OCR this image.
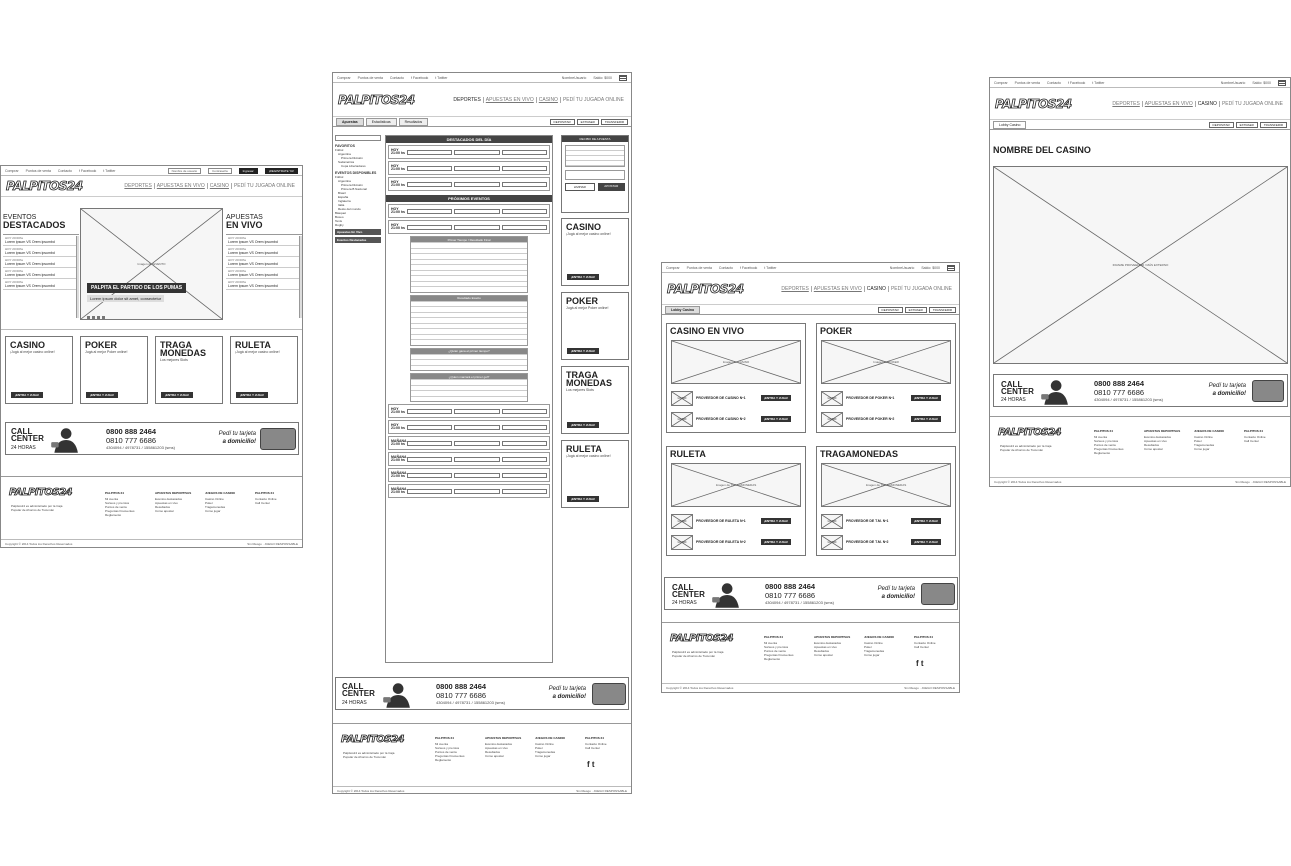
Comprar Puntos de venta Contacto f Facebook t Twitter	Nombre de usuario	Contraseña	Ingresar	¡REGISTRATE YA!
PALPITOS24	DEPORTES	APUESTAS EN VIVO	CASINO	PEDÍ TU JUGADA ONLINE
EVENTOS
DESTACADOS
HOY 20:00hs
Lorem ipsum VS Orem ipsumbd
HOY 20:00hs
Lorem ipsum VS Orem ipsumbd
HOY 20:00hs
Lorem ipsum VS Orem ipsumbd
HOY 20:00hs
Lorem ipsum VS Orem ipsumbd
HOY 20:00hs
Lorem ipsum VS Orem ipsumbd
Imagen del EVENTO
PALPITA EL PARTIDO DE LOS PUMAS
Lorem ipsum dolor sit amet, consectetur
APUESTAS
EN VIVO
HOY 20:00hs
Lorem ipsum VS Orem ipsumbd
HOY 20:00hs
Lorem ipsum VS Orem ipsumbd
HOY 20:00hs
Lorem ipsum VS Orem ipsumbd
HOY 20:00hs
Lorem ipsum VS Orem ipsumbd
HOY 20:00hs
Lorem ipsum VS Orem ipsumbd
CASINO
¡Jugá al mejor casino online!
¡ENTRA Y JUGA!
POKER
Jugá al mejor Poker online!
¡ENTRA Y JUGA!
TRAGA MONEDAS
Los mejores Slots
¡ENTRA Y JUGA!
RULETA
¡Jugá al mejor casino online!
¡ENTRA Y JUGA!
CALL
CENTER
24 HORAS
0800 888 2464
0810 777 6686
4304094 / 4978731 / 155861203 (sms)
Pedí tu tarjeta
a domicilio!
PALPITOS24
Palpitos24 es administrado por la Caja Popular de Ahorros de Tucumán
PALPITOS 24
Mi cuenta
Sorteos y premios
Puntos de venta
Preguntas Frecuentes
Reglamento
APUESTAS DEPORTIVAS
Eventos destacados
Apuestas en vivo
Resultados
Cómo apostar
JUEGOS DE CASINO
Casino Online
Poker
Tragamonedas
Cómo jugar
PALPITOS 24
Contacto Online
Call Center
Copyright © 2014 Todos los Derechos Reservados	Sin Riesgo · JUEGO RESPONSABLE
Comprar Puntos de venta Contacto f Facebook t Twitter	NombreUsuario Saldo: $000
PALPITOS24	DEPORTES	APUESTAS EN VIVO	CASINO	PEDÍ TU JUGADA ONLINE
Apuestas	Estadísticas	Resultados	DEPOSITAR	EXTRAER	TRANSFERIR
FAVORITOS
Fútbol
Argentina
Primera División
Sudamérica
Copa Libertadores
EVENTOS DISPONIBLES
Fútbol
Argentina
Primera División
Primera B Nacional
Brasil
España
Inglaterra
Italia
Resto del mundo
Básquet
Boxeo
Tenis
Rugby
Apuestas En Vivo
Eventos Destacados
DESTACADOS DEL DÍA
HOY
21:00 hs
HOY
21:00 hs
HOY
21:00 hs
PRÓXIMOS EVENTOS
HOY
21:00 hs
HOY
21:00 hs
Primer Tiempo / Resultado Final
Resultado Exacto
¿Quién gana el primer tiempo?
¿Quién marcará el primer gol?
HOY
21:00 hs
HOY
21:00 hs
MAÑANA
21:00 hs
MAÑANA
21:00 hs
MAÑANA
21:00 hs
MAÑANA
21:00 hs
RECIBO DE APUESTA
LIMPIAR	APOSTAR
CASINO
¡Jugá al mejor casino online!
¡ENTRA Y JUGA!
POKER
Jugá al mejor Poker online!
¡ENTRA Y JUGA!
TRAGA MONEDAS
Los mejores Slots
¡ENTRA Y JUGA!
RULETA
¡Jugá al mejor casino online!
¡ENTRA Y JUGA!
CALL
CENTER
24 HORAS
0800 888 2464
0810 777 6686
4304094 / 4978731 / 155861203 (sms)
Pedí tu tarjeta
a domicilio!
PALPITOS24
Palpitos24 es administrado por la Caja Popular de Ahorros de Tucumán
PALPITOS 24
Mi cuenta
Sorteos y premios
Puntos de venta
Preguntas Frecuentes
Reglamento
APUESTAS DEPORTIVAS
Eventos destacados
Apuestas en vivo
Resultados
Cómo apostar
JUEGOS DE CASINO
Casino Online
Poker
Tragamonedas
Cómo jugar
PALPITOS 24
Contacto Online
Call Center
f t
Copyright © 2014 Todos los Derechos Reservados	Sin Riesgo · JUEGO RESPONSABLE
Comprar Puntos de venta Contacto f Facebook t Twitter	NombreUsuario Saldo: $000
PALPITOS24	DEPORTES	APUESTAS EN VIVO	CASINO	PEDÍ TU JUGADA ONLINE
Lobby Casino	DEPOSITAR	EXTRAER	TRANSFERIR
CASINO EN VIVO
Imagen de CASINO
LOGO	PROVEEDOR DE CASINO Nº1	¡ENTRA Y JUGA!
LOGO	PROVEEDOR DE CASINO Nº2	¡ENTRA Y JUGA!
POKER
Imagen de POKER
LOGO	PROVEEDOR DE POKER Nº1	¡ENTRA Y JUGA!
LOGO	PROVEEDOR DE POKER Nº2	¡ENTRA Y JUGA!
RULETA
Imagen de TRAGAMONEDAS
LOGO	PROVEEDOR DE RULETA Nº1	¡ENTRA Y JUGA!
LOGO	PROVEEDOR DE RULETA Nº2	¡ENTRA Y JUGA!
TRAGAMONEDAS
Imagen de TRAGAMONEDAS
LOGO	PROVEEDOR DE T.M. Nº1	¡ENTRA Y JUGA!
LOGO	PROVEEDOR DE T.M. Nº2	¡ENTRA Y JUGA!
CALL
CENTER
24 HORAS
0800 888 2464
0810 777 6686
4304094 / 4978731 / 155861203 (sms)
Pedí tu tarjeta
a domicilio!
PALPITOS24
Palpitos24 es administrado por la Caja Popular de Ahorros de Tucumán
PALPITOS 24
Mi cuenta
Sorteos y premios
Puntos de venta
Preguntas Frecuentes
Reglamento
APUESTAS DEPORTIVAS
Eventos destacados
Apuestas en vivo
Resultados
Cómo apostar
JUEGOS DE CASINO
Casino Online
Poker
Tragamonedas
Cómo jugar
PALPITOS 24
Contacto Online
Call Center
f t
Copyright © 2014 Todos los Derechos Reservados	Sin Riesgo · JUEGO RESPONSABLE
Comprar Puntos de venta Contacto f Facebook t Twitter	NombreUsuario Saldo: $000
PALPITOS24	DEPORTES	APUESTAS EN VIVO	CASINO	PEDÍ TU JUGADA ONLINE
Lobby Casino	DEPOSITAR	EXTRAER	TRANSFERIR
NOMBRE DEL CASINO
IFRAME PROVEEDOR / MÁS EXTERNO
CALL
CENTER
24 HORAS
0800 888 2464
0810 777 6686
4304094 / 4978731 / 155861203 (sms)
Pedí tu tarjeta
a domicilio!
PALPITOS24
Palpitos24 es administrado por la Caja Popular de Ahorros de Tucumán
PALPITOS 24
Mi cuenta
Sorteos y premios
Puntos de venta
Preguntas Frecuentes
Reglamento
APUESTAS DEPORTIVAS
Eventos destacados
Apuestas en vivo
Resultados
Cómo apostar
JUEGOS DE CASINO
Casino Online
Poker
Tragamonedas
Cómo jugar
PALPITOS 24
Contacto Online
Call Center
Copyright © 2014 Todos los Derechos Reservados	Sin Riesgo · JUEGO RESPONSABLE
